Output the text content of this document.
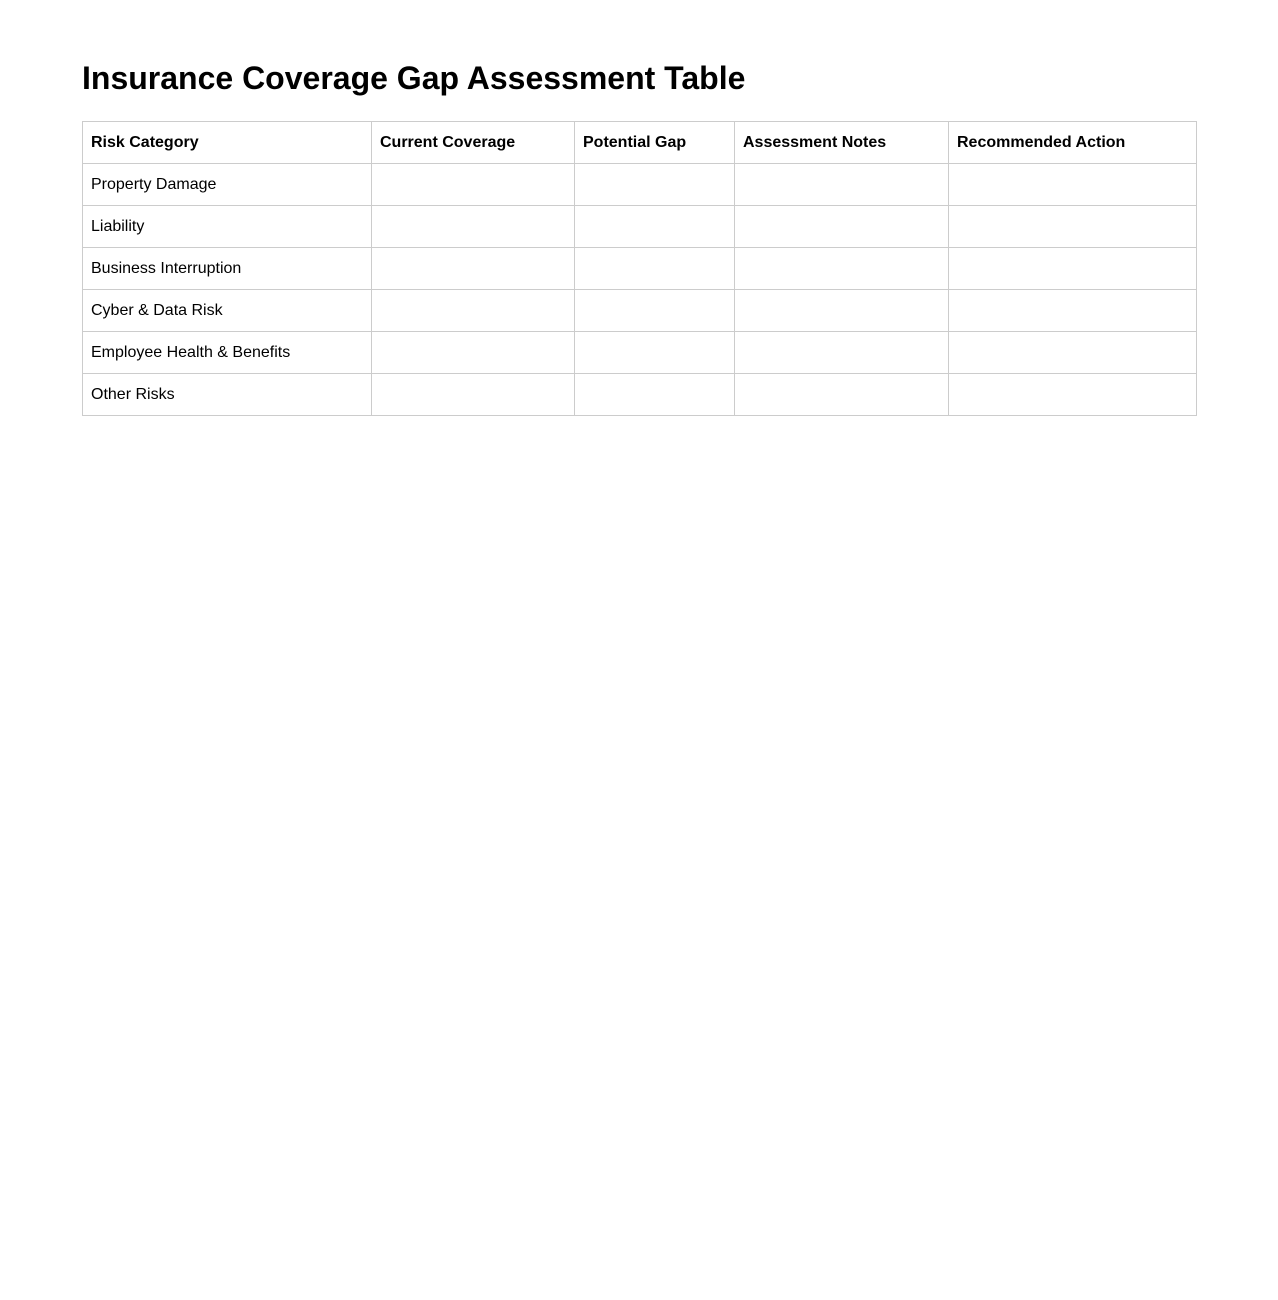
Insurance Coverage Gap Assessment Table
Risk Category	Current Coverage	Potential Gap	Assessment Notes	Recommended Action
Property Damage				
Liability				
Business Interruption				
Cyber & Data Risk				
Employee Health & Benefits				
Other Risks				
